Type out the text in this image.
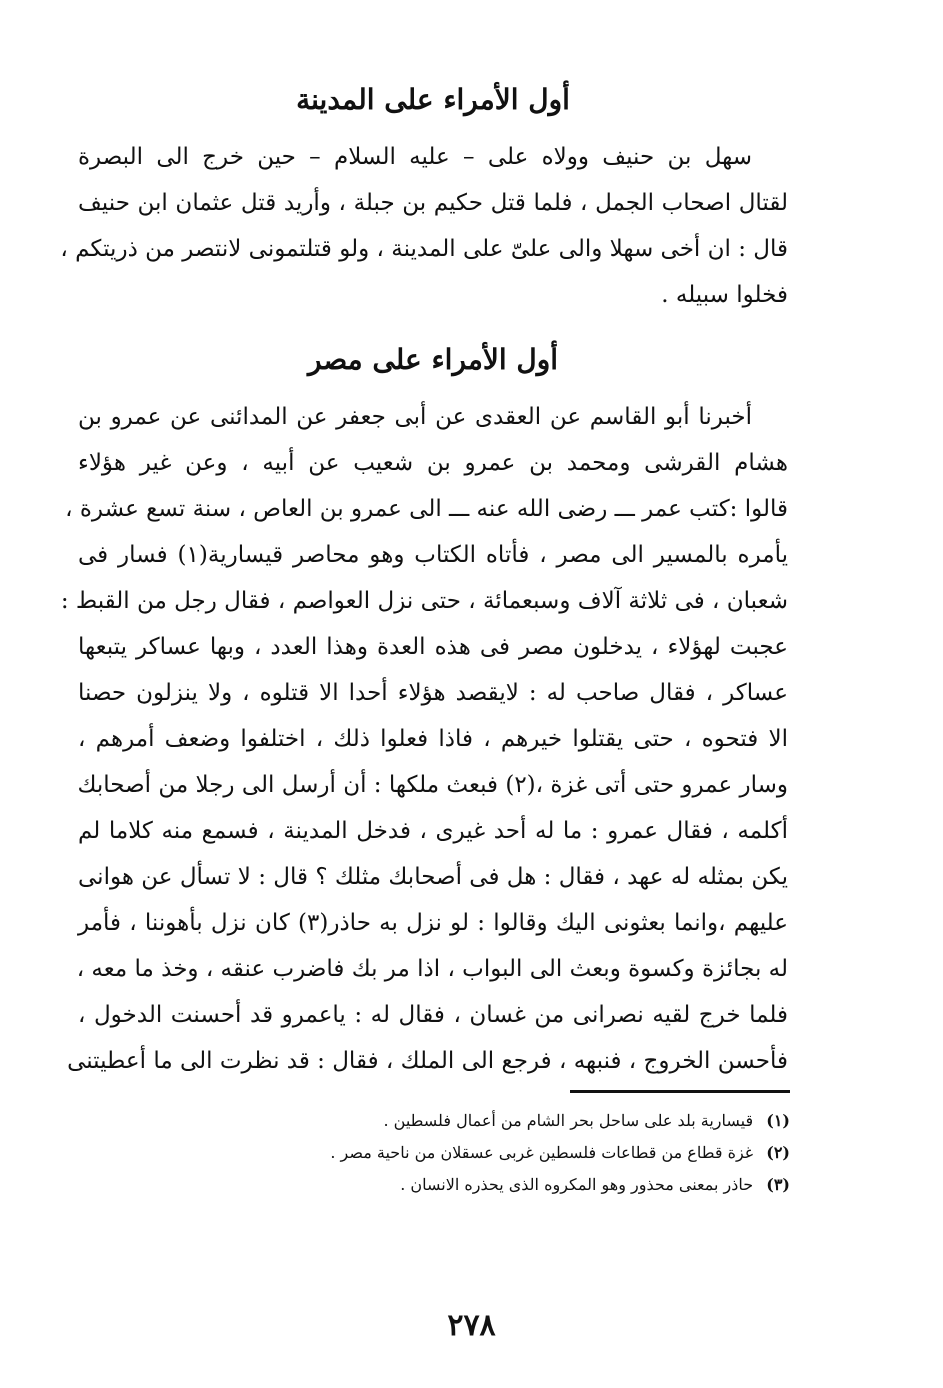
أول الأمراء على المدينة
سهل بن حنيف وولاه على – عليه السلام – حين خرج الى البصرة
لقتال اصحاب الجمل ، فلما قتل حكيم بن جبلة ، وأريد قتل عثمان ابن حنيف
قال : ان أخى سهلا والى علىّ على المدينة ، ولو قتلتمونى لانتصر من ذريتكم ،
فخلوا سبيله .
أول الأمراء على مصر
أخبرنا أبو القاسم عن العقدى عن أبى جعفر عن المدائنى عن عمرو بن
هشام القرشى ومحمد بن عمرو بن شعيب عن أبيه ، وعن غير هؤلاء
قالوا :كتب عمر ـــ رضى الله عنه ـــ الى عمرو بن العاص ، سنة تسع عشرة ،
يأمره بالمسير الى مصر ، فأتاه الكتاب وهو محاصر قيسارية(١) فسار فى
شعبان ، فى ثلاثة آلاف وسبعمائة ، حتى نزل العواصم ، فقال رجل من القبط :
عجبت لهؤلاء ، يدخلون مصر فى هذه العدة وهذا العدد ، وبها عساكر يتبعها
عساكر ، فقال صاحب له : لايقصد هؤلاء أحدا الا قتلوه ، ولا ينزلون حصنا
الا فتحوه ، حتى يقتلوا خيرهم ، فاذا فعلوا ذلك ، اختلفوا وضعف أمرهم ،
وسار عمرو حتى أتى غزة ،(٢) فبعث ملكها : أن أرسل الى رجلا من أصحابك
أكلمه ، فقال عمرو : ما له أحد غيرى ، فدخل المدينة ، فسمع منه كلاما لم
يكن بمثله له عهد ، فقال : هل فى أصحابك مثلك ؟ قال : لا تسأل عن هوانى
عليهم ،وانما بعثونى اليك وقالوا : لو نزل به حاذر(٣) كان نزل بأهوننا ، فأمر
له بجائزة وكسوة وبعث الى البواب ، اذا مر بك فاضرب عنقه ، وخذ ما معه ،
فلما خرج لقيه نصرانى من غسان ، فقال له : ياعمرو قد أحسنت الدخول ،
فأحسن الخروج ، فنبهه ، فرجع الى الملك ، فقال : قد نظرت الى ما أعطيتنى
(١) قيسارية بلد على ساحل بحر الشام من أعمال فلسطين .
(٢) غزة قطاع من قطاعات فلسطين غربى عسقلان من ناحية مصر .
(٣) حاذر بمعنى محذور وهو المكروه الذى يحذره الانسان .
٢٧٨
